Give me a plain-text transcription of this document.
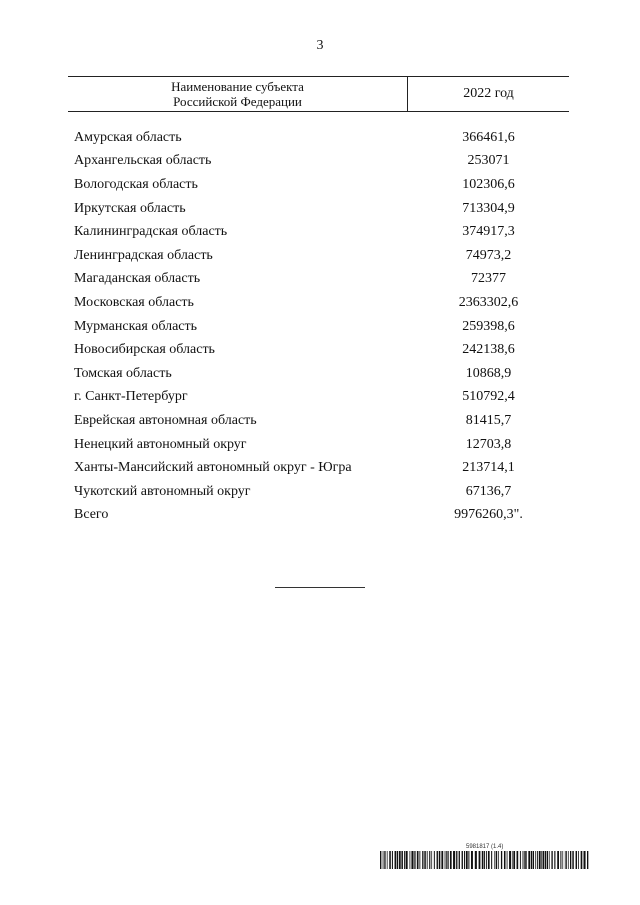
3
Наименование субъекта
Российской Федерации
2022 год
Амурская область	366461,6
Архангельская область	253071
Вологодская область	102306,6
Иркутская область	713304,9
Калининградская область	374917,3
Ленинградская область	74973,2
Магаданская область	72377
Московская область	2363302,6
Мурманская область	259398,6
Новосибирская область	242138,6
Томская область	10868,9
г. Санкт-Петербург	510792,4
Еврейская автономная область	81415,7
Ненецкий автономный округ	12703,8
Ханты-Мансийский автономный округ - Югра	213714,1
Чукотский автономный округ	67136,7
Всего	9976260,3".
5981817 (1.4)
